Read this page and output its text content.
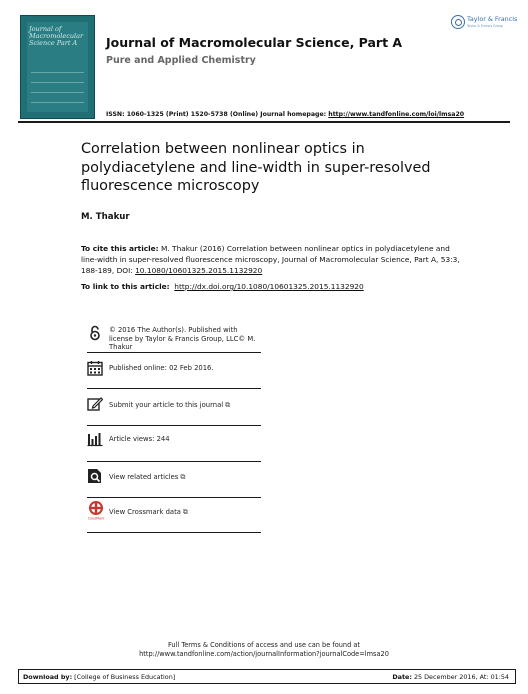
Journal of Macromolecular Science Part A	Journal of Macromolecular Science, Part A
Pure and Applied Chemistry
ISSN: 1060-1325 (Print) 1520-5738 (Online) Journal homepage: http://www.tandfonline.com/loi/lmsa20
Taylor & Francis
Taylor & Francis Group
Correlation between nonlinear optics in polydiacetylene and line-width in super-resolved fluorescence microscopy
M. Thakur
To cite this article: M. Thakur (2016) Correlation between nonlinear optics in polydiacetylene and line-width in super-resolved fluorescence microscopy, Journal of Macromolecular Science, Part A, 53:3, 188-189, DOI: 10.1080/10601325.2015.1132920
To link to this article: http://dx.doi.org/10.1080/10601325.2015.1132920
© 2016 The Author(s). Published with license by Taylor & Francis Group, LLC© M. Thakur
Published online: 02 Feb 2016.
Submit your article to this journal ⧉
Article views: 244
View related articles ⧉
CrossMark
View Crossmark data ⧉
Full Terms & Conditions of access and use can be found at
http://www.tandfonline.com/action/journalInformation?journalCode=lmsa20
Download by: [College of Business Education]	Date: 25 December 2016, At: 01:54
